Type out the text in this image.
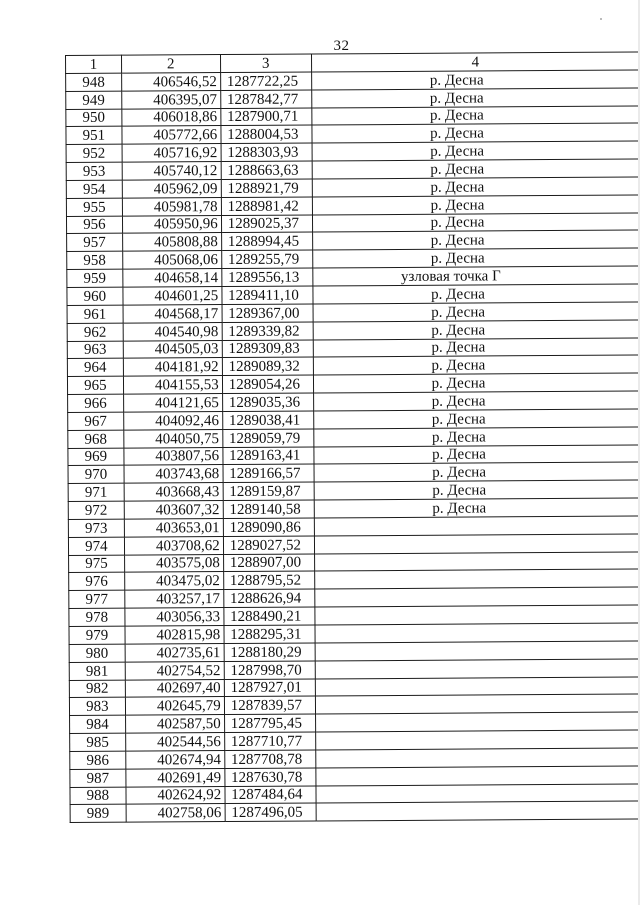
32
1	2	3	4
948	406546,52	1287722,25	р. Десна
949	406395,07	1287842,77	р. Десна
950	406018,86	1287900,71	р. Десна
951	405772,66	1288004,53	р. Десна
952	405716,92	1288303,93	р. Десна
953	405740,12	1288663,63	р. Десна
954	405962,09	1288921,79	р. Десна
955	405981,78	1288981,42	р. Десна
956	405950,96	1289025,37	р. Десна
957	405808,88	1288994,45	р. Десна
958	405068,06	1289255,79	р. Десна
959	404658,14	1289556,13	узловая точка Г
960	404601,25	1289411,10	р. Десна
961	404568,17	1289367,00	р. Десна
962	404540,98	1289339,82	р. Десна
963	404505,03	1289309,83	р. Десна
964	404181,92	1289089,32	р. Десна
965	404155,53	1289054,26	р. Десна
966	404121,65	1289035,36	р. Десна
967	404092,46	1289038,41	р. Десна
968	404050,75	1289059,79	р. Десна
969	403807,56	1289163,41	р. Десна
970	403743,68	1289166,57	р. Десна
971	403668,43	1289159,87	р. Десна
972	403607,32	1289140,58	р. Десна
973	403653,01	1289090,86	
974	403708,62	1289027,52	
975	403575,08	1288907,00	
976	403475,02	1288795,52	
977	403257,17	1288626,94	
978	403056,33	1288490,21	
979	402815,98	1288295,31	
980	402735,61	1288180,29	
981	402754,52	1287998,70	
982	402697,40	1287927,01	
983	402645,79	1287839,57	
984	402587,50	1287795,45	
985	402544,56	1287710,77	
986	402674,94	1287708,78	
987	402691,49	1287630,78	
988	402624,92	1287484,64	
989	402758,06	1287496,05	
